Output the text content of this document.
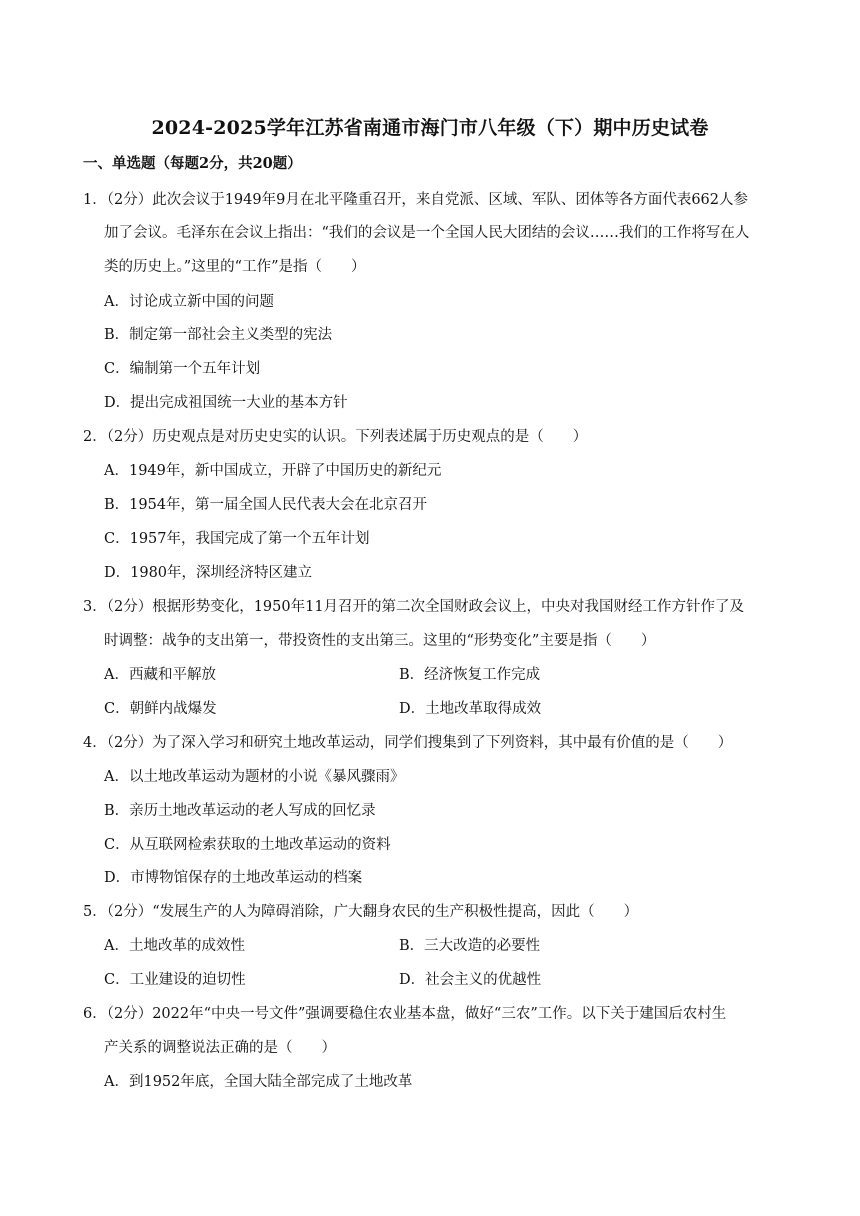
2024-2025学年江苏省南通市海门市八年级（下）期中历史试卷
一、单选题（每题2分，共20题）
1．（2分）此次会议于1949年9月在北平隆重召开，来自党派、区域、军队、团体等各方面代表662人参
加了会议。毛泽东在会议上指出：“我们的会议是一个全国人民大团结的会议……我们的工作将写在人
类的历史上。”这里的“工作”是指（　　）
A．讨论成立新中国的问题
B．制定第一部社会主义类型的宪法
C．编制第一个五年计划
D．提出完成祖国统一大业的基本方针
2．（2分）历史观点是对历史史实的认识。下列表述属于历史观点的是（　　）
A．1949年，新中国成立，开辟了中国历史的新纪元
B．1954年，第一届全国人民代表大会在北京召开
C．1957年，我国完成了第一个五年计划
D．1980年，深圳经济特区建立
3．（2分）根据形势变化，1950年11月召开的第二次全国财政会议上，中央对我国财经工作方针作了及
时调整：战争的支出第一，带投资性的支出第三。这里的“形势变化”主要是指（　　）
A．西藏和平解放	B．经济恢复工作完成
C．朝鲜内战爆发	D．土地改革取得成效
4．（2分）为了深入学习和研究土地改革运动，同学们搜集到了下列资料，其中最有价值的是（　　）
A．以土地改革运动为题材的小说《暴风骤雨》
B．亲历土地改革运动的老人写成的回忆录
C．从互联网检索获取的土地改革运动的资料
D．市博物馆保存的土地改革运动的档案
5．（2分）“发展生产的人为障碍消除，广大翻身农民的生产积极性提高，因此（　　）
A．土地改革的成效性	B．三大改造的必要性
C．工业建设的迫切性	D．社会主义的优越性
6．（2分）2022年“中央一号文件”强调要稳住农业基本盘，做好“三农”工作。以下关于建国后农村生
产关系的调整说法正确的是（　　）
A．到1952年底，全国大陆全部完成了土地改革
